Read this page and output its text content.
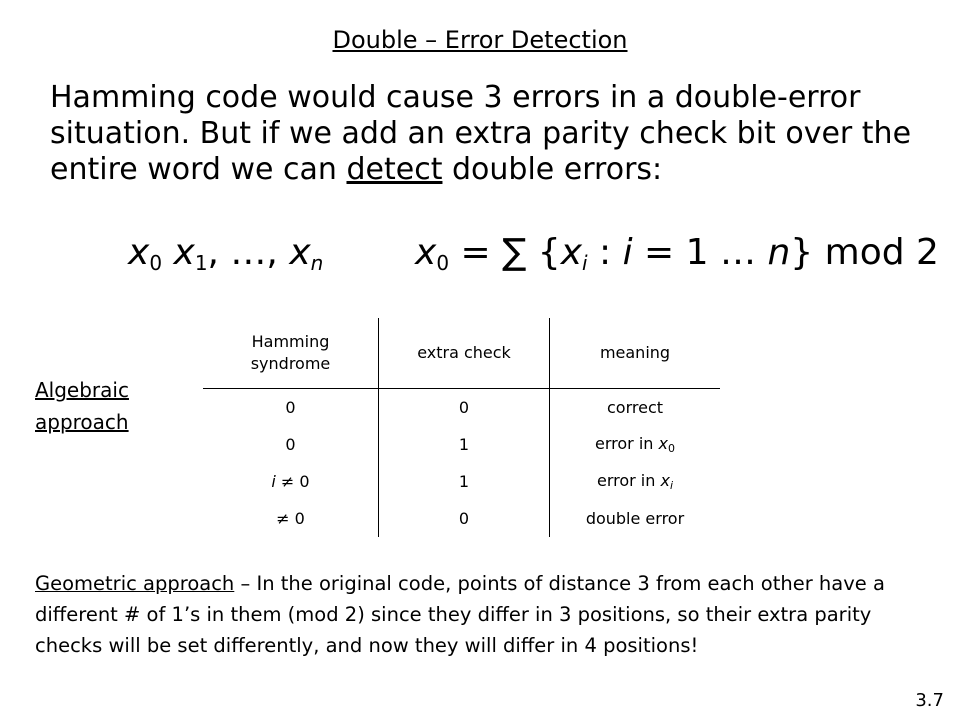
Double – Error Detection
Hamming code would cause 3 errors in a double-error situation. But if we add an extra parity check bit over the entire word we can detect double errors:
$x_0$ $x_1$, …, $x_n$	$x_0$ = ∑ {$x_i$ : i = 1 … n} mod 2
Algebraic
approach
Hamming
syndrome	extra check	meaning
0	0	correct
0	1	error in $x_0$
i ≠ 0	1	error in $x_i$
≠ 0	0	double error
Geometric approach – In the original code, points of distance 3 from each other have a different # of 1’s in them (mod 2) since they differ in 3 positions, so their extra parity checks will be set differently, and now they will differ in 4 positions!
3.7
